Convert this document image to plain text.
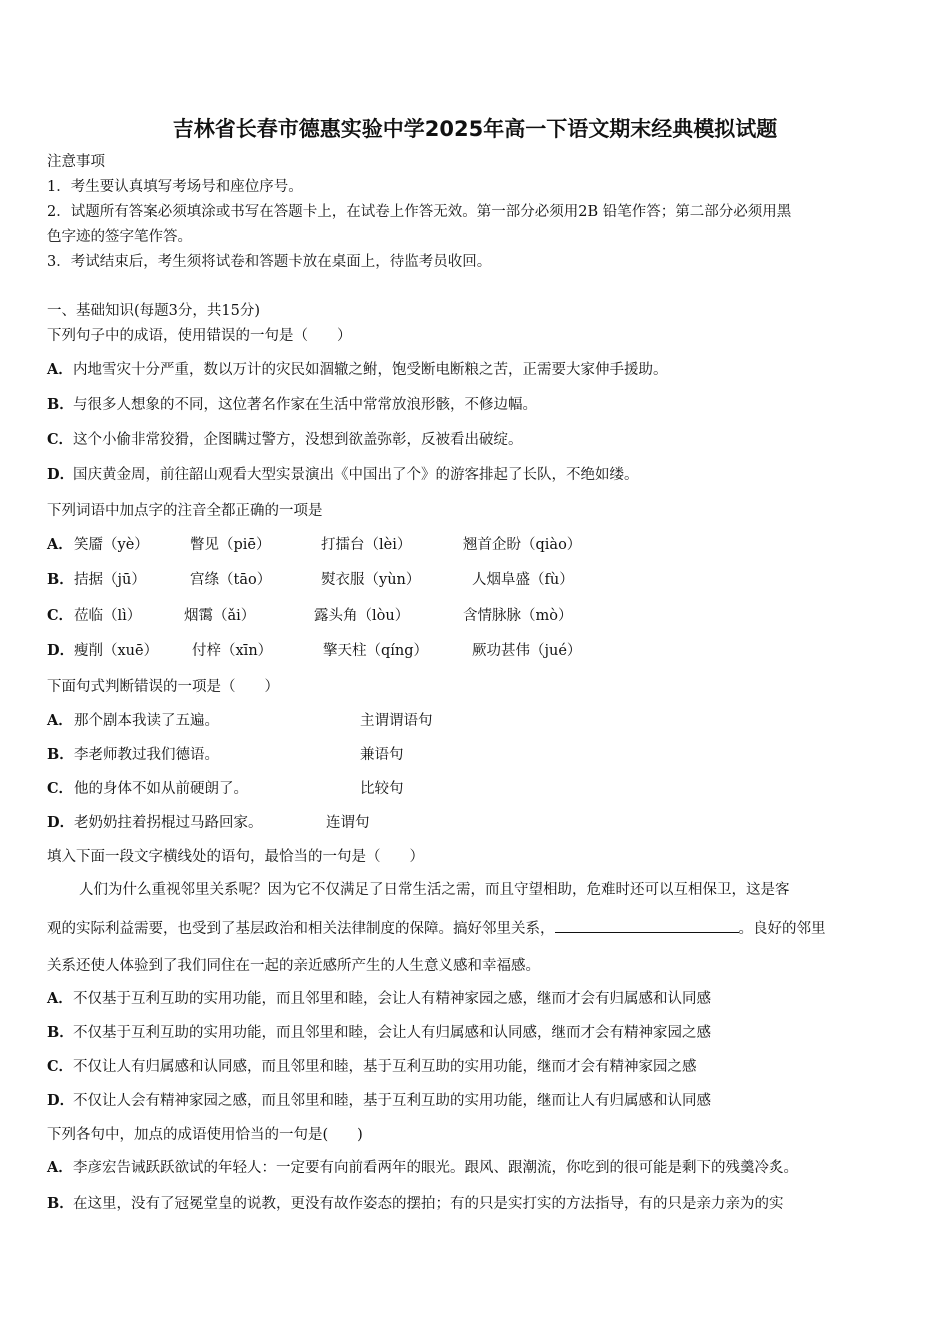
吉林省长春市德惠实验中学2025年高一下语文期末经典模拟试题
注意事项
1．考生要认真填写考场号和座位序号。
2．试题所有答案必须填涂或书写在答题卡上，在试卷上作答无效。第一部分必须用2B 铅笔作答；第二部分必须用黑
色字迹的签字笔作答。
3．考试结束后，考生须将试卷和答题卡放在桌面上，待监考员收回。
一、基础知识(每题3分，共15分)
下列句子中的成语，使用错误的一句是（　　）
A．内地雪灾十分严重，数以万计的灾民如涸辙之鲋，饱受断电断粮之苦，正需要大家伸手援助。
B．与很多人想象的不同，这位著名作家在生活中常常放浪形骸，不修边幅。
C．这个小偷非常狡猾，企图瞒过警方，没想到欲盖弥彰，反被看出破绽。
D．国庆黄金周，前往韶山观看大型实景演出《中国出了个》的游客排起了长队，不绝如缕。
下列词语中加点字的注音全都正确的一项是
A． 笑靥（yè）	瞥见（piē）	打擂台（lèi）	翘首企盼（qiào）
B． 拮据（jū）	宫绦（tāo）	熨衣服（yùn）	人烟阜盛（fù）
C． 莅临（lì）	烟霭（ǎi）	露头角（lòu）	含情脉脉（mò）
D． 瘦削（xuē） 付梓（xīn）	擎天柱（qíng）	厥功甚伟（jué）
下面句式判断错误的一项是（　　）
A． 那个剧本我读了五遍。	主谓谓语句
B． 李老师教过我们德语。	兼语句
C． 他的身体不如从前硬朗了。	比较句
D． 老奶奶拄着拐棍过马路回家。	连谓句
填入下面一段文字横线处的语句，最恰当的一句是（　　）
人们为什么重视邻里关系呢？因为它不仅满足了日常生活之需，而且守望相助，危难时还可以互相保卫，这是客
观的实际利益需要，也受到了基层政治和相关法律制度的保障。搞好邻里关系，	。良好的邻里
关系还使人体验到了我们同住在一起的亲近感所产生的人生意义感和幸福感。
A．不仅基于互利互助的实用功能，而且邻里和睦，会让人有精神家园之感，继而才会有归属感和认同感
B．不仅基于互利互助的实用功能，而且邻里和睦，会让人有归属感和认同感，继而才会有精神家园之感
C．不仅让人有归属感和认同感，而且邻里和睦，基于互利互助的实用功能，继而才会有精神家园之感
D．不仅让人会有精神家园之感，而且邻里和睦，基于互利互助的实用功能，继而让人有归属感和认同感
下列各句中，加点的成语使用恰当的一句是(　　)
A．李彦宏告诫跃跃欲试的年轻人：一定要有向前看两年的眼光。跟风、跟潮流，你吃到的很可能是剩下的残羹冷炙。
B．在这里，没有了冠冕堂皇的说教，更没有故作姿态的摆拍；有的只是实打实的方法指导，有的只是亲力亲为的实
